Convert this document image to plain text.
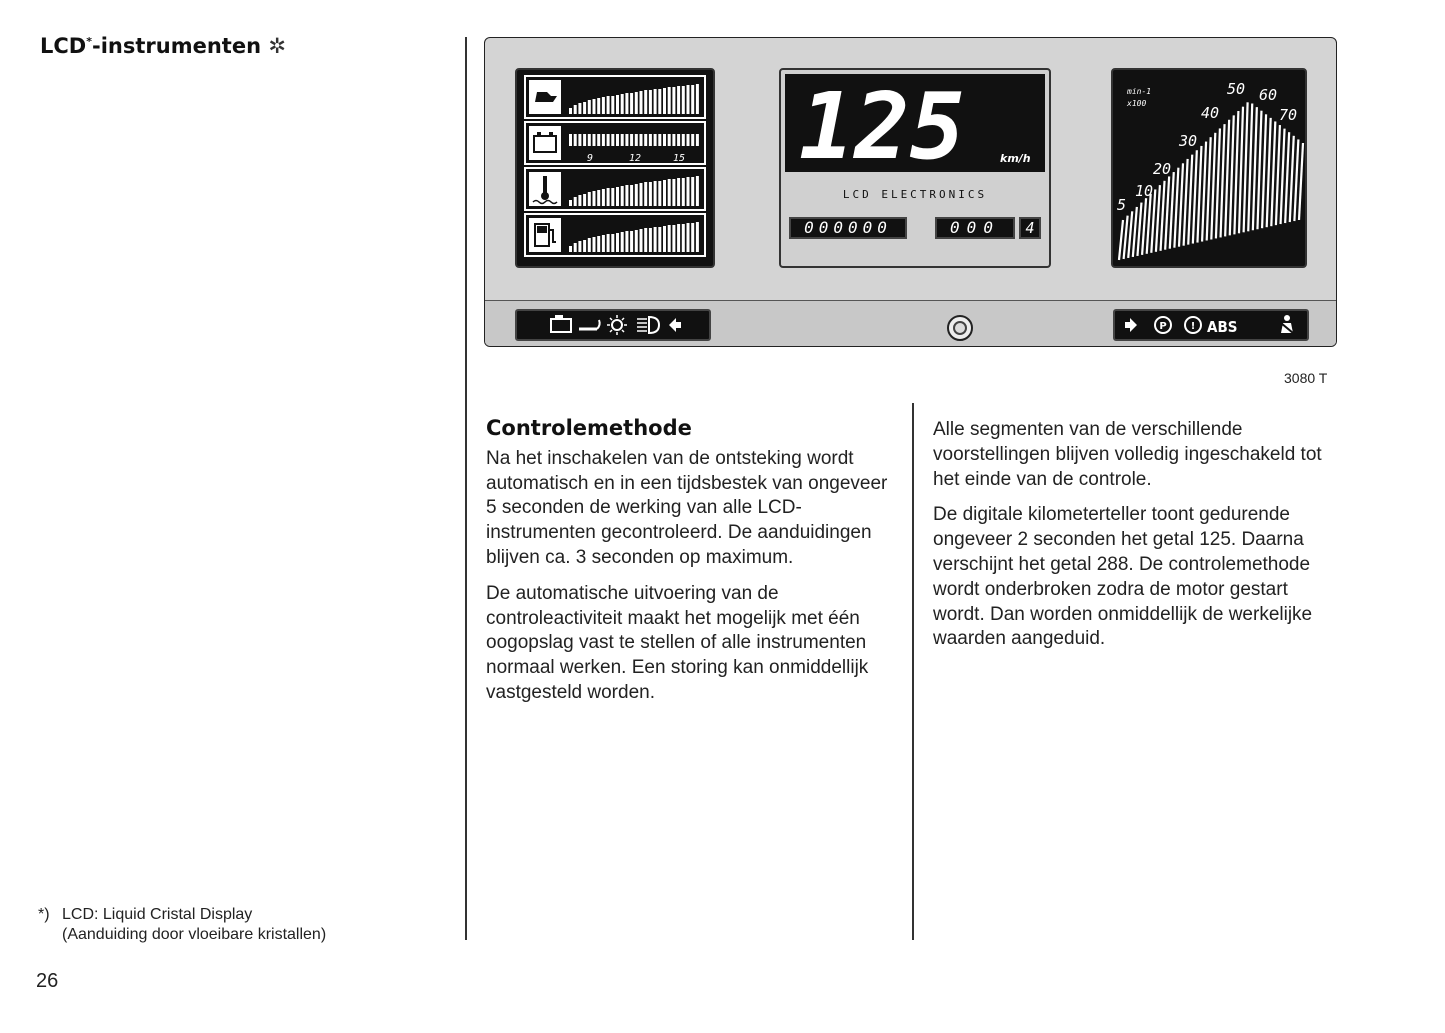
LCD*-instrumenten ✲
9	12	15 125	km/h
LCD ELECTRONICS
000000	000	4
min-1
x100
5
10
20
30
40
50 60
70
P ! ABS
3080 T
Controlemethode

Na het inschakelen van de ontsteking wordt automatisch en in een tijdsbestek van ongeveer 5 seconden de werking van alle LCD-instrumenten gecontroleerd. De aanduidingen blijven ca. 3 seconden op maximum.

De automatische uitvoering van de controleactiviteit maakt het mogelijk met één oogopslag vast te stellen of alle instrumenten normaal werken. Een storing kan onmiddellijk vastgesteld worden.

Alle segmenten van de verschillende voorstellingen blijven volledig ingeschakeld tot het einde van de controle.

De digitale kilometerteller toont gedurende ongeveer 2 seconden het getal 125. Daarna verschijnt het getal 288. De controlemethode wordt onderbroken zodra de motor gestart wordt. Dan worden onmiddellijk de werkelijke waarden aangeduid.

*) LCD: Liquid Cristal Display
(Aanduiding door vloeibare kristallen)
26
